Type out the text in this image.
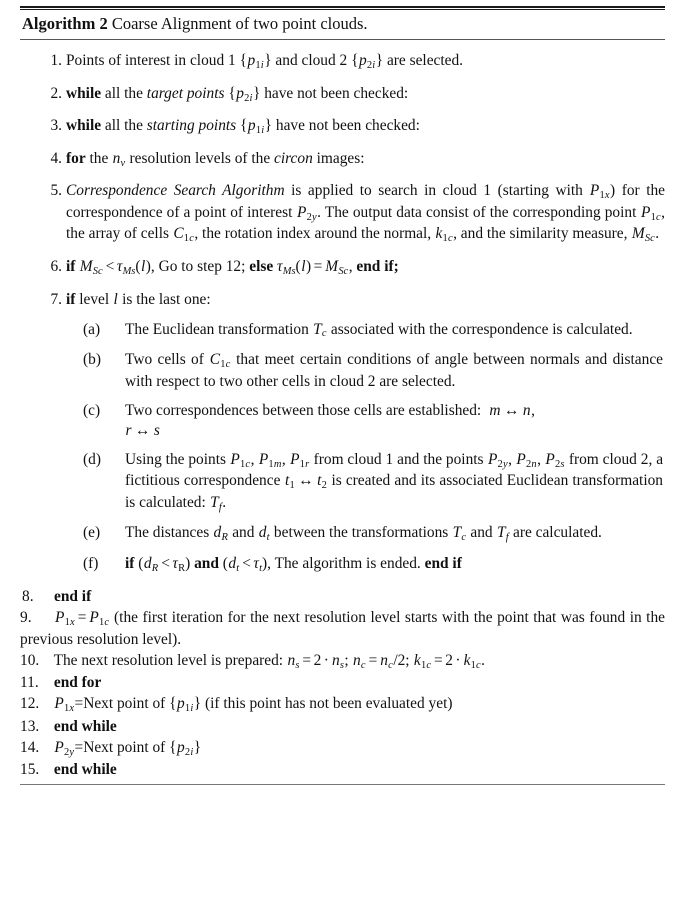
Algorithm 2 Coarse Alignment of two point clouds.
1. Points of interest in cloud 1 $\{p_{1i}\}$ and cloud 2 $\{p_{2i}\}$ are selected.
2. while all the target points $\{p_{2i}\}$ have not been checked:
3. while all the starting points $\{p_{1i}\}$ have not been checked:
4. for the $n_v$ resolution levels of the circon images:
5. Correspondence Search Algorithm is applied to search in cloud 1 (starting with $P_{1x}$) for the correspondence of a point of interest $P_{2y}$. The output data consist of the corresponding point $P_{1c}$, the array of cells $C_{1c}$, the rotation index around the normal, $k_{1c}$, and the similarity measure, $M_{Sc}$.
6. if $M_{Sc} < \tau_{Ms}(l)$, Go to step 12; else $\tau_{Ms}(l) = M_{Sc}$, end if;
7. if level l is the last one:
(a)	The Euclidean transformation $T_c$ associated with the correspondence is calculated.
(b)	Two cells of $C_{1c}$ that meet certain conditions of angle between normals and distance with respect to two other cells in cloud 2 are selected.
(c)	Two correspondences between those cells are established:  m ↔ n,
r ↔ s
(d)	Using the points $P_{1c}$, $P_{1m}$, $P_{1r}$ from cloud 1 and the points $P_{2y}$, $P_{2n}$, $P_{2s}$ from cloud 2, a fictitious correspondence $t_1$ ↔ $t_2$ is created and its associated Euclidean transformation is calculated: $T_f$.
(e)	The distances $d_R$ and $d_t$ between the transformations $T_c$ and $T_f$ are calculated.
(f)	if $(d_R < \tau_R)$ and $(d_t < \tau_t)$, The algorithm is ended. end if
8.	end if
9. $P_{1x} = P_{1c}$ (the first iteration for the next resolution level starts with the point that was found in the previous resolution level).
10. The next resolution level is prepared: $n_s = 2 \cdot n_s$; $n_c = n_c/2$; $k_{1c} = 2 \cdot k_{1c}$.
11. end for
12. $P_{1x}=Next$ point of $\{p_{1i}\}$ (if this point has not been evaluated yet)
13. end while
14. $P_{2y}=Next$ point of $\{p_{2i}\}$
15. end while
